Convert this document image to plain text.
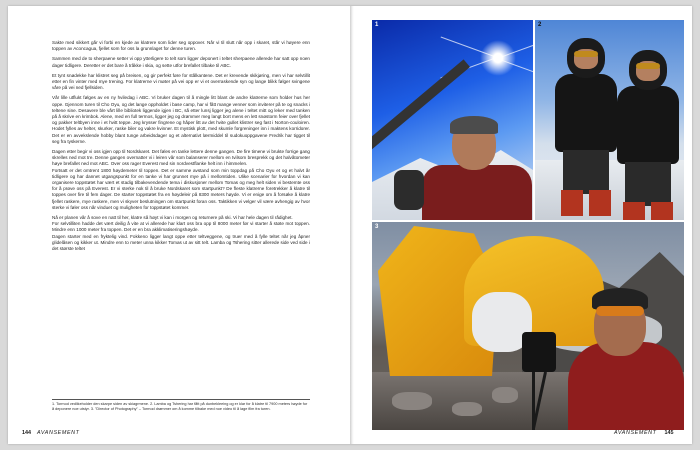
Sakte med sikkert går vi forbi en kjede av klatrere som lider seg oppover. Når vi til slutt når opp i skaret, står vi høyere enn toppen av Aconcagua, fjellet som for oss la grunnlaget for denne turen.

Sammen med de to sherpaene setter vi opp ytterligere to telt som ligger deponert i teltet sherpaene allerede har satt opp noen dager tidligere. Deretter er det bare å tråkke i skia, og sette utfor brefallet tilbake til ABC.

Et tynt snødekke har klistret seg på breisen, og gir perfekt føre for stålkantene. Det er krevende skikjøring, men vi har selvtillit etter en fin vinter med mye trening. For klatrerne vi møter på vei opp er vi et overraskende syn og lange blikk følger svingene våre på vei ned fjellsiden.

Vår lille utflukt følges av en ny hviledag i ABC. Vi bruker dagen til å mingle litt blant de andre klatrerne som holder hus her oppe. Gjennom turen til Cho Oyu, og det lange oppholdet i base camp, har vi fått mange venner som inviterer på te og snacks i teltene sine. Desavere ble vårt lille bibliotek liggende igjen i BC, så etter lunsj ligger jeg alene i teltet mitt og leker med tanken på å skrive en krimbok. Alene, med en full termos, ligger jeg og drømmer meg langt bort mens en lett snøstorm feier over fjellet og pakker teltbyen inne i et hvitt teppe. Jeg krysser fingrene og håper litt av det hvite gullet klistrer seg fast i Norton-couloiren. Hodet fylles av helter, skurker, raske biler og vakre kvinner. Et mystisk plott, med skumle forgreninger inn i maktens korridorer. Det er en avvekslende hobby blant tunge arbeidsdager og et alternativt lærmiddel til sudokuoppgavene Fredrik har tigget til seg fra tyskerne.

Dagen etter begir vi oss igjen opp til Nordskaret. Det føles en tanke lettere denne gangen. De fire timene vi brukte forrige gang skrelles ned mot tre. Denne gangen overnatter vi i leiren vår som balanserer mellom en tvilsom bresprekk og det halvåtometer høye brefallet ned mot ABC. Over oss rager Everest med sin nordvestflanke helt inn i himmelen.

Fortsatt er det omtrent 1800 høydemeter til toppen. Det er samme avstand som min toppdag på Cho Oyu et og et halvt år tidligere og har dannet utgangspunkt for en tanke vi har grunnet mye på i mellomtiden. Ulike scenarier for hvordan vi kan organisere toppstøtet har vært et stadig tilbakevendende tema i diskusjoner mellom Tomas og meg helt siden vi bestemte oss for å prøve oss på Everest. Er vi sterke nok til å bruke Nordskaret som startpunkt? De fleste klatrerne foretrekker å klatre til toppes over fire til fem dager. De starter toppstøtet fra en høydeleir på 8300 meters høyde. Vi er enige om å forsøke å klatre fjellet raskere, mye raskere, men vi skyver beslutningen om startpunkt foran oss. Taktikken vi velger vil være avhengig av hvor sterke vi føler oss når vinduet og muligheten for toppstøtet kommer.

Nå er planen vår å sove en natt til her, klatre så høyt vi kan i morgen og returnere på ski. Vi har hele dagen til rådighet.

For selvtilliten hadde det vært deilig å vite at vi allerede har klart oss bra opp til 8000 meter før vi starter å støte mot toppen. Mindre enn 1000 meter fra toppen. Det er en bra akklimatiseringshøyde.

Dagen starter med en fryktelig vind. Fokkeno ligger langt oppe etter teltveggene, og truer med å fylle teltet når jeg åpner glidelåsen og kikker ut. Mindre enn to meter unna kikker Tomas ut av sitt telt. Lamba og Tshering sitter allerede side ved side i det største teltet

1. Tormod vedlikeholder den skarpe siden av skiagrmene. 2. Lamba og Tshering har fått på dunbekleeing og er klar for å klatre til 7900 meters høyde for å deponere noe utstyr. 3. "Director of Photography" – Tormod drømmer om å komme tilbake med noe video til å lage film fra turen.
144 AVANSEMENT
1	2
3
AVANSEMENT 145
